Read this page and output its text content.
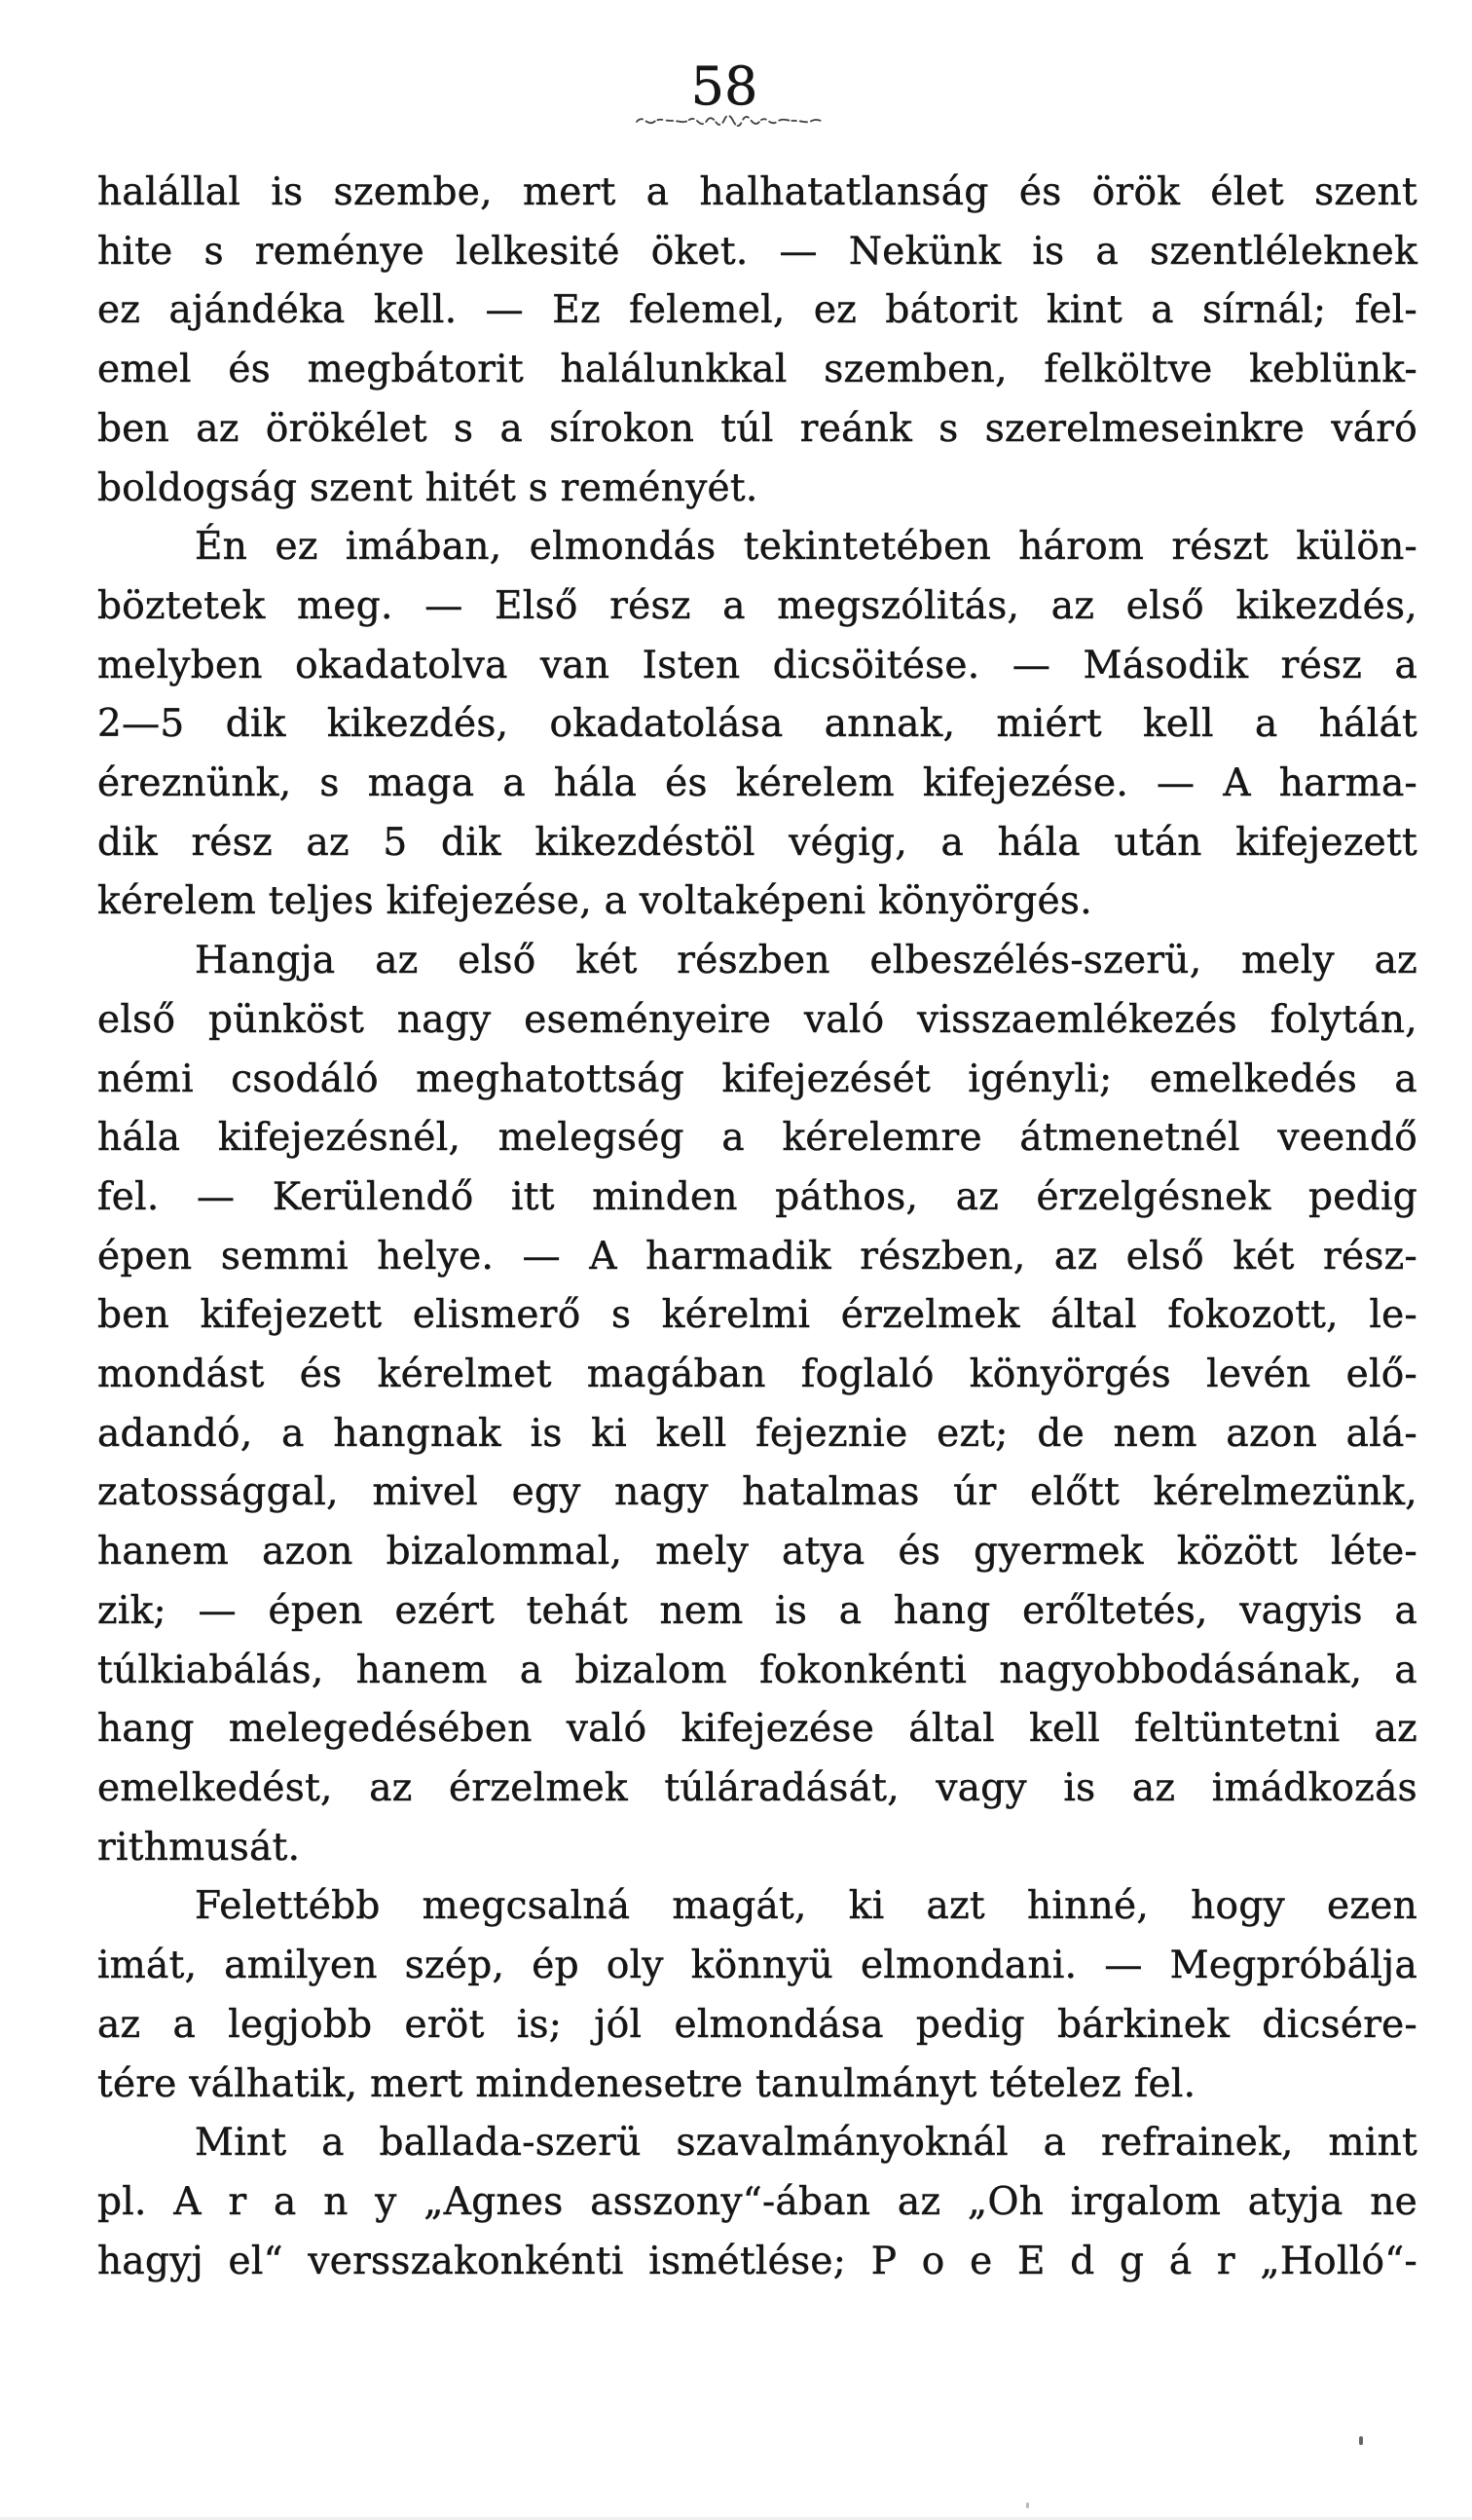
58
halállal is szembe, mert a halhatatlanság és örök élet szent
hite s reménye lelkesité öket. — Nekünk is a szentléleknek
ez ajándéka kell. — Ez felemel, ez bátorit kint a sírnál; fel-
emel és megbátorit halálunkkal szemben, felköltve keblünk-
ben az örökélet s a sírokon túl reánk s szerelmeseinkre váró
boldogság szent hitét s reményét.
Én ez imában, elmondás tekintetében három részt külön-
böztetek meg. — Első rész a megszólitás, az első kikezdés,
melyben okadatolva van Isten dicsöitése. — Második rész a
2—5 dik kikezdés, okadatolása annak, miért kell a hálát
éreznünk, s maga a hála és kérelem kifejezése. — A harma-
dik rész az 5 dik kikezdéstöl végig, a hála után kifejezett
kérelem teljes kifejezése, a voltaképeni könyörgés.
Hangja az első két részben elbeszélés-szerü, mely az
első pünköst nagy eseményeire való visszaemlékezés folytán,
némi csodáló meghatottság kifejezését igényli; emelkedés a
hála kifejezésnél, melegség a kérelemre átmenetnél veendő
fel. — Kerülendő itt minden páthos, az érzelgésnek pedig
épen semmi helye. — A harmadik részben, az első két rész-
ben kifejezett elismerő s kérelmi érzelmek által fokozott, le-
mondást és kérelmet magában foglaló könyörgés levén elő-
adandó, a hangnak is ki kell fejeznie ezt; de nem azon alá-
zatossággal, mivel egy nagy hatalmas úr előtt kérelmezünk,
hanem azon bizalommal, mely atya és gyermek között léte-
zik; — épen ezért tehát nem is a hang erőltetés, vagyis a
túlkiabálás, hanem a bizalom fokonkénti nagyobbodásának, a
hang melegedésében való kifejezése által kell feltüntetni az
emelkedést, az érzelmek túláradását, vagy is az imádkozás
rithmusát.
Felettébb megcsalná magát, ki azt hinné, hogy ezen
imát, amilyen szép, ép oly könnyü elmondani. — Megpróbálja
az a legjobb eröt is; jól elmondása pedig bárkinek dicsére-
tére válhatik, mert mindenesetre tanulmányt tételez fel.
Mint a ballada-szerü szavalmányoknál a refrainek, mint
pl. A r a n y „Agnes asszony“-ában az „Oh irgalom atyja ne
hagyj el“ versszakonkénti ismétlése; P o e E d g á r „Holló“-
